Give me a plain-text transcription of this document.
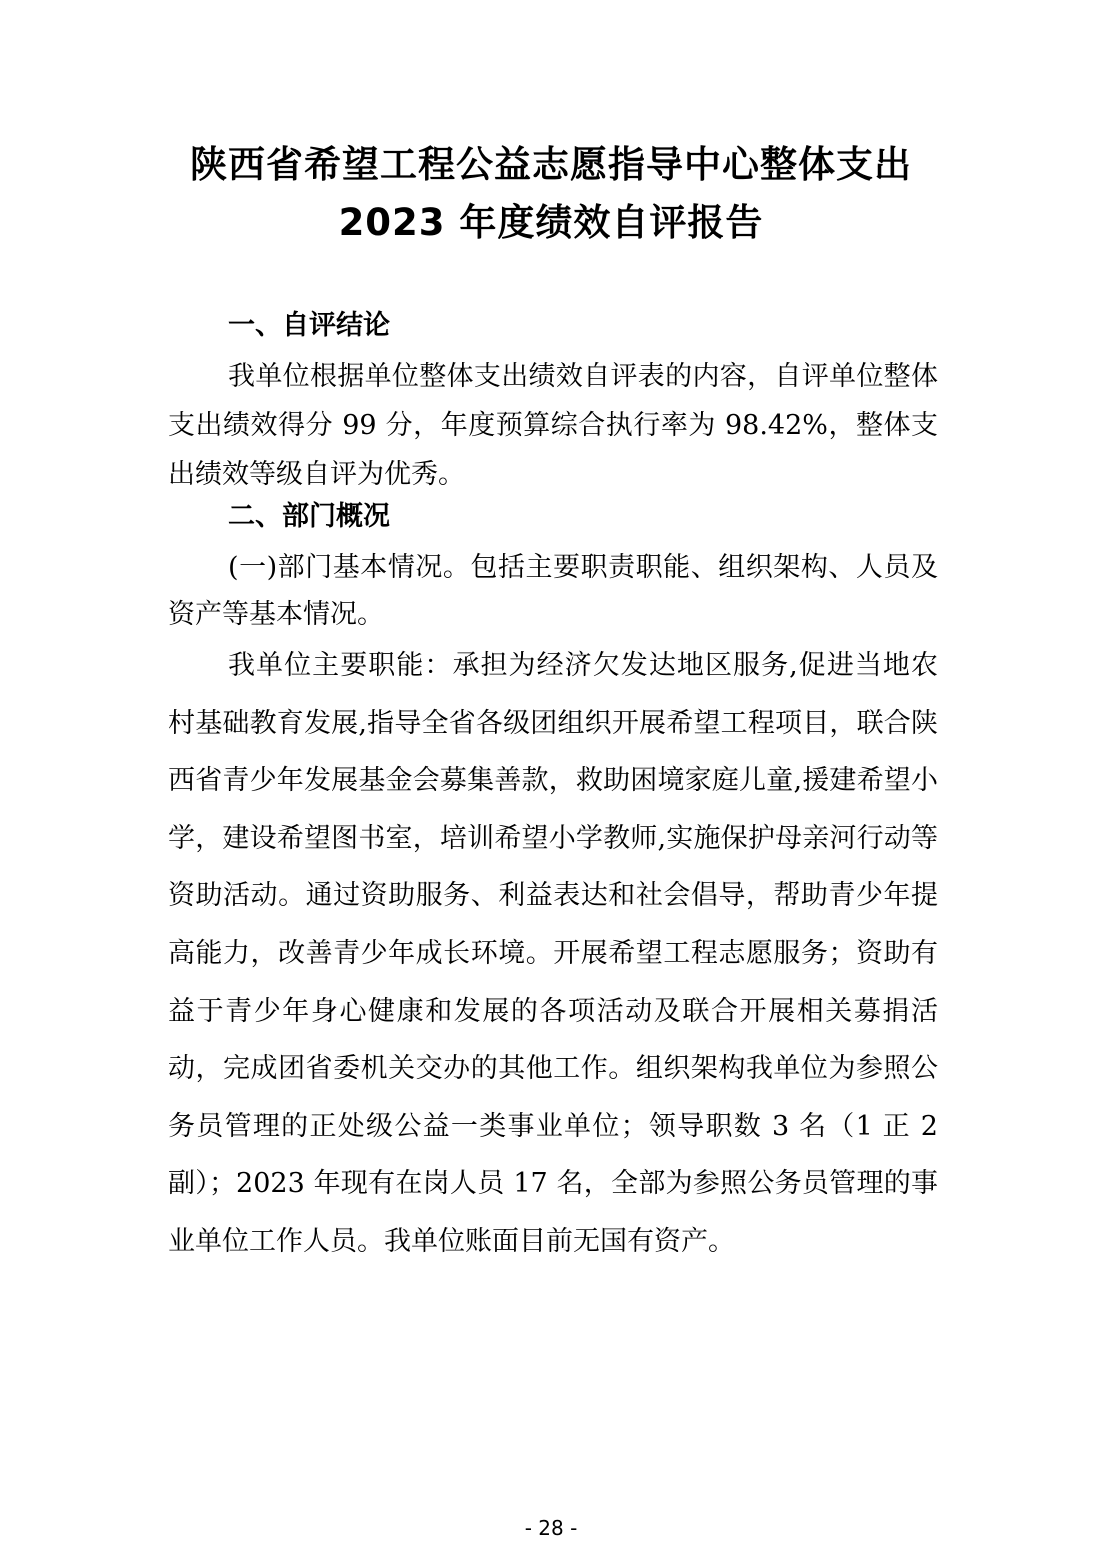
陕西省希望工程公益志愿指导中心整体支出
2023 年度绩效自评报告
一、自评结论

我单位根据单位整体支出绩效自评表的内容，自评单位整体支出绩效得分 99 分，年度预算综合执行率为 98.42%，整体支出绩效等级自评为优秀。

二、部门概况

(一)部门基本情况。包括主要职责职能、组织架构、人员及资产等基本情况。

我单位主要职能：承担为经济欠发达地区服务,促进当地农村基础教育发展,指导全省各级团组织开展希望工程项目，联合陕西省青少年发展基金会募集善款，救助困境家庭儿童,援建希望小学，建设希望图书室，培训希望小学教师,实施保护母亲河行动等资助活动。通过资助服务、利益表达和社会倡导，帮助青少年提高能力，改善青少年成长环境。开展希望工程志愿服务；资助有益于青少年身心健康和发展的各项活动及联合开展相关募捐活动，完成团省委机关交办的其他工作。组织架构我单位为参照公务员管理的正处级公益一类事业单位；领导职数 3 名（1 正 2 副）；2023 年现有在岗人员 17 名，全部为参照公务员管理的事业单位工作人员。我单位账面目前无国有资产。

- 28 -
